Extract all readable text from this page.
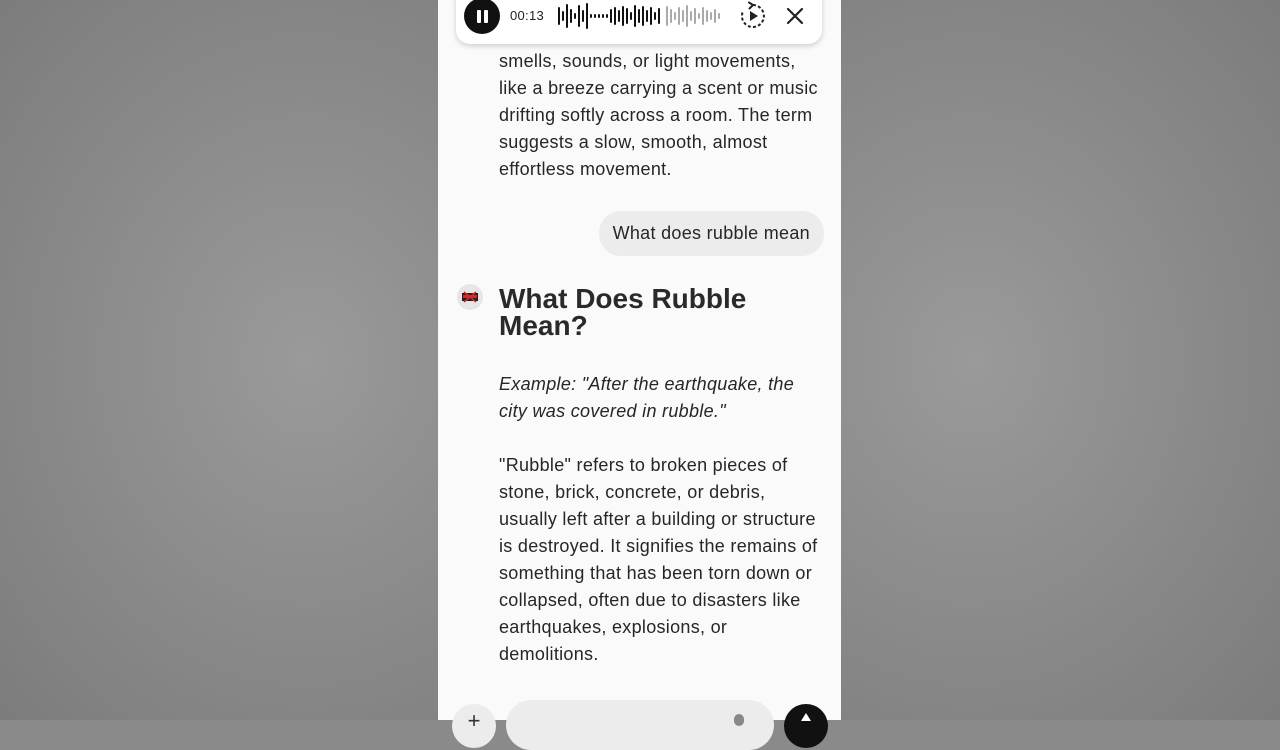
00:13

smells, sounds, or light movements, like a breeze carrying a scent or music drifting softly across a room. The term suggests a slow, smooth, almost effortless movement.

What does rubble mean
What Does Rubble Mean?

Example: "After the earthquake, the city was covered in rubble."

"Rubble" refers to broken pieces of stone, brick, concrete, or debris, usually left after a building or structure is destroyed. It signifies the remains of something that has been torn down or collapsed, often due to disasters like earthquakes, explosions, or demolitions.

+
